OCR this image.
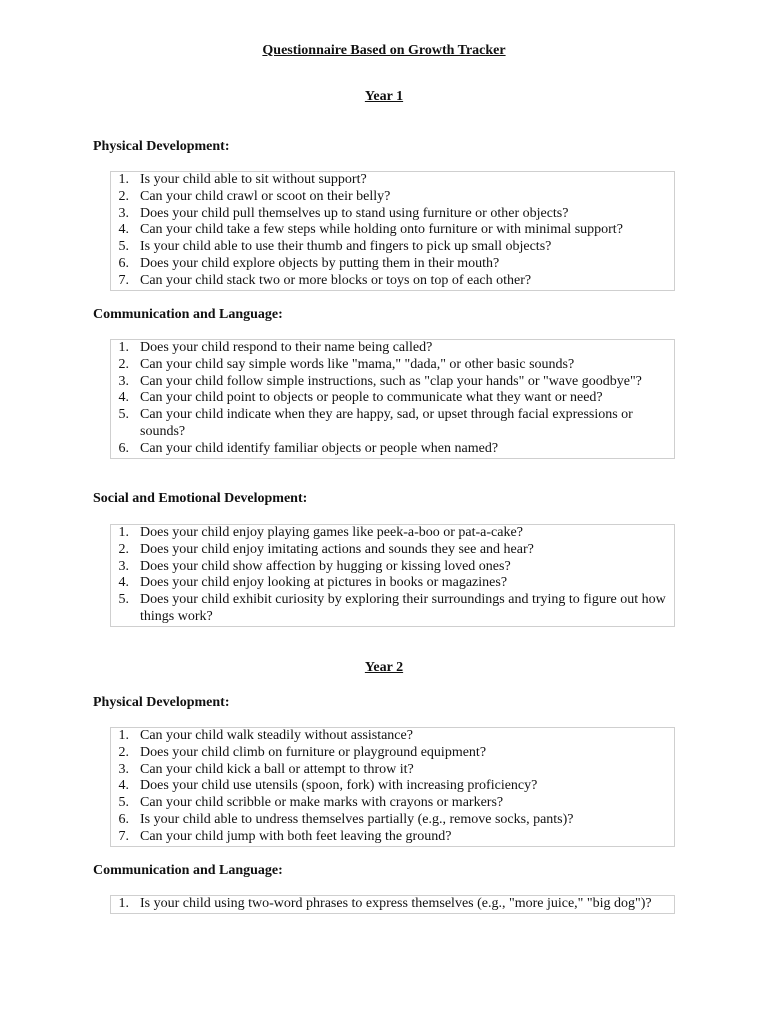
Questionnaire Based on Growth Tracker
Year 1
Physical Development:
1. Is your child able to sit without support?
2. Can your child crawl or scoot on their belly?
3. Does your child pull themselves up to stand using furniture or other objects?
4. Can your child take a few steps while holding onto furniture or with minimal support?
5. Is your child able to use their thumb and fingers to pick up small objects?
6. Does your child explore objects by putting them in their mouth?
7. Can your child stack two or more blocks or toys on top of each other?
Communication and Language:
1. Does your child respond to their name being called?
2. Can your child say simple words like "mama," "dada," or other basic sounds?
3. Can your child follow simple instructions, such as "clap your hands" or "wave goodbye"?
4. Can your child point to objects or people to communicate what they want or need?
5. Can your child indicate when they are happy, sad, or upset through facial expressions or sounds?
6. Can your child identify familiar objects or people when named?
Social and Emotional Development:
1. Does your child enjoy playing games like peek-a-boo or pat-a-cake?
2. Does your child enjoy imitating actions and sounds they see and hear?
3. Does your child show affection by hugging or kissing loved ones?
4. Does your child enjoy looking at pictures in books or magazines?
5. Does your child exhibit curiosity by exploring their surroundings and trying to figure out how things work?
Year 2
Physical Development:
1. Can your child walk steadily without assistance?
2. Does your child climb on furniture or playground equipment?
3. Can your child kick a ball or attempt to throw it?
4. Does your child use utensils (spoon, fork) with increasing proficiency?
5. Can your child scribble or make marks with crayons or markers?
6. Is your child able to undress themselves partially (e.g., remove socks, pants)?
7. Can your child jump with both feet leaving the ground?
Communication and Language:
1. Is your child using two-word phrases to express themselves (e.g., "more juice," "big dog")?
